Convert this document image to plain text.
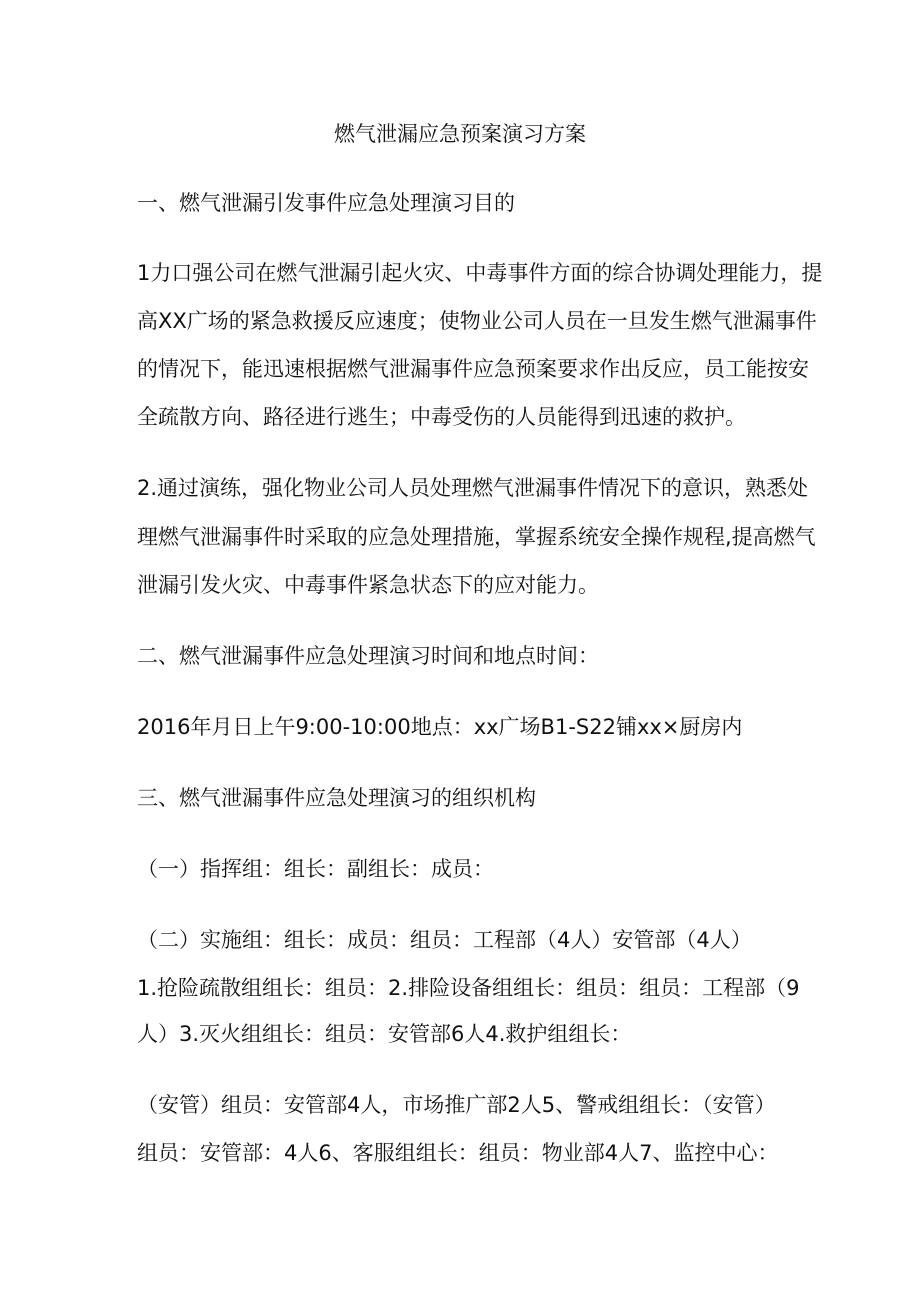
燃气泄漏应急预案演习方案
一、燃气泄漏引发事件应急处理演习目的
1力口强公司在燃气泄漏引起火灾、中毒事件方面的综合协调处理能力，提
高XX广场的紧急救援反应速度；使物业公司人员在一旦发生燃气泄漏事件
的情况下，能迅速根据燃气泄漏事件应急预案要求作出反应，员工能按安
全疏散方向、路径进行逃生；中毒受伤的人员能得到迅速的救护。
2.通过演练，强化物业公司人员处理燃气泄漏事件情况下的意识，熟悉处
理燃气泄漏事件时采取的应急处理措施，掌握系统安全操作规程,提高燃气
泄漏引发火灾、中毒事件紧急状态下的应对能力。
二、燃气泄漏事件应急处理演习时间和地点时间：
2016年月日上午9:00-10:00地点：xx广场B1-S22铺xx×厨房内
三、燃气泄漏事件应急处理演习的组织机构
（一）指挥组：组长：副组长：成员：
（二）实施组：组长：成员：组员：工程部（4人）安管部（4人）
1.抢险疏散组组长：组员：2.排险设备组组长：组员：组员：工程部（9
人）3.灭火组组长：组员：安管部6人4.救护组组长：
（安管）组员：安管部4人，市场推广部2人5、警戒组组长：（安管）
组员：安管部：4人6、客服组组长：组员：物业部4人7、监控中心：
